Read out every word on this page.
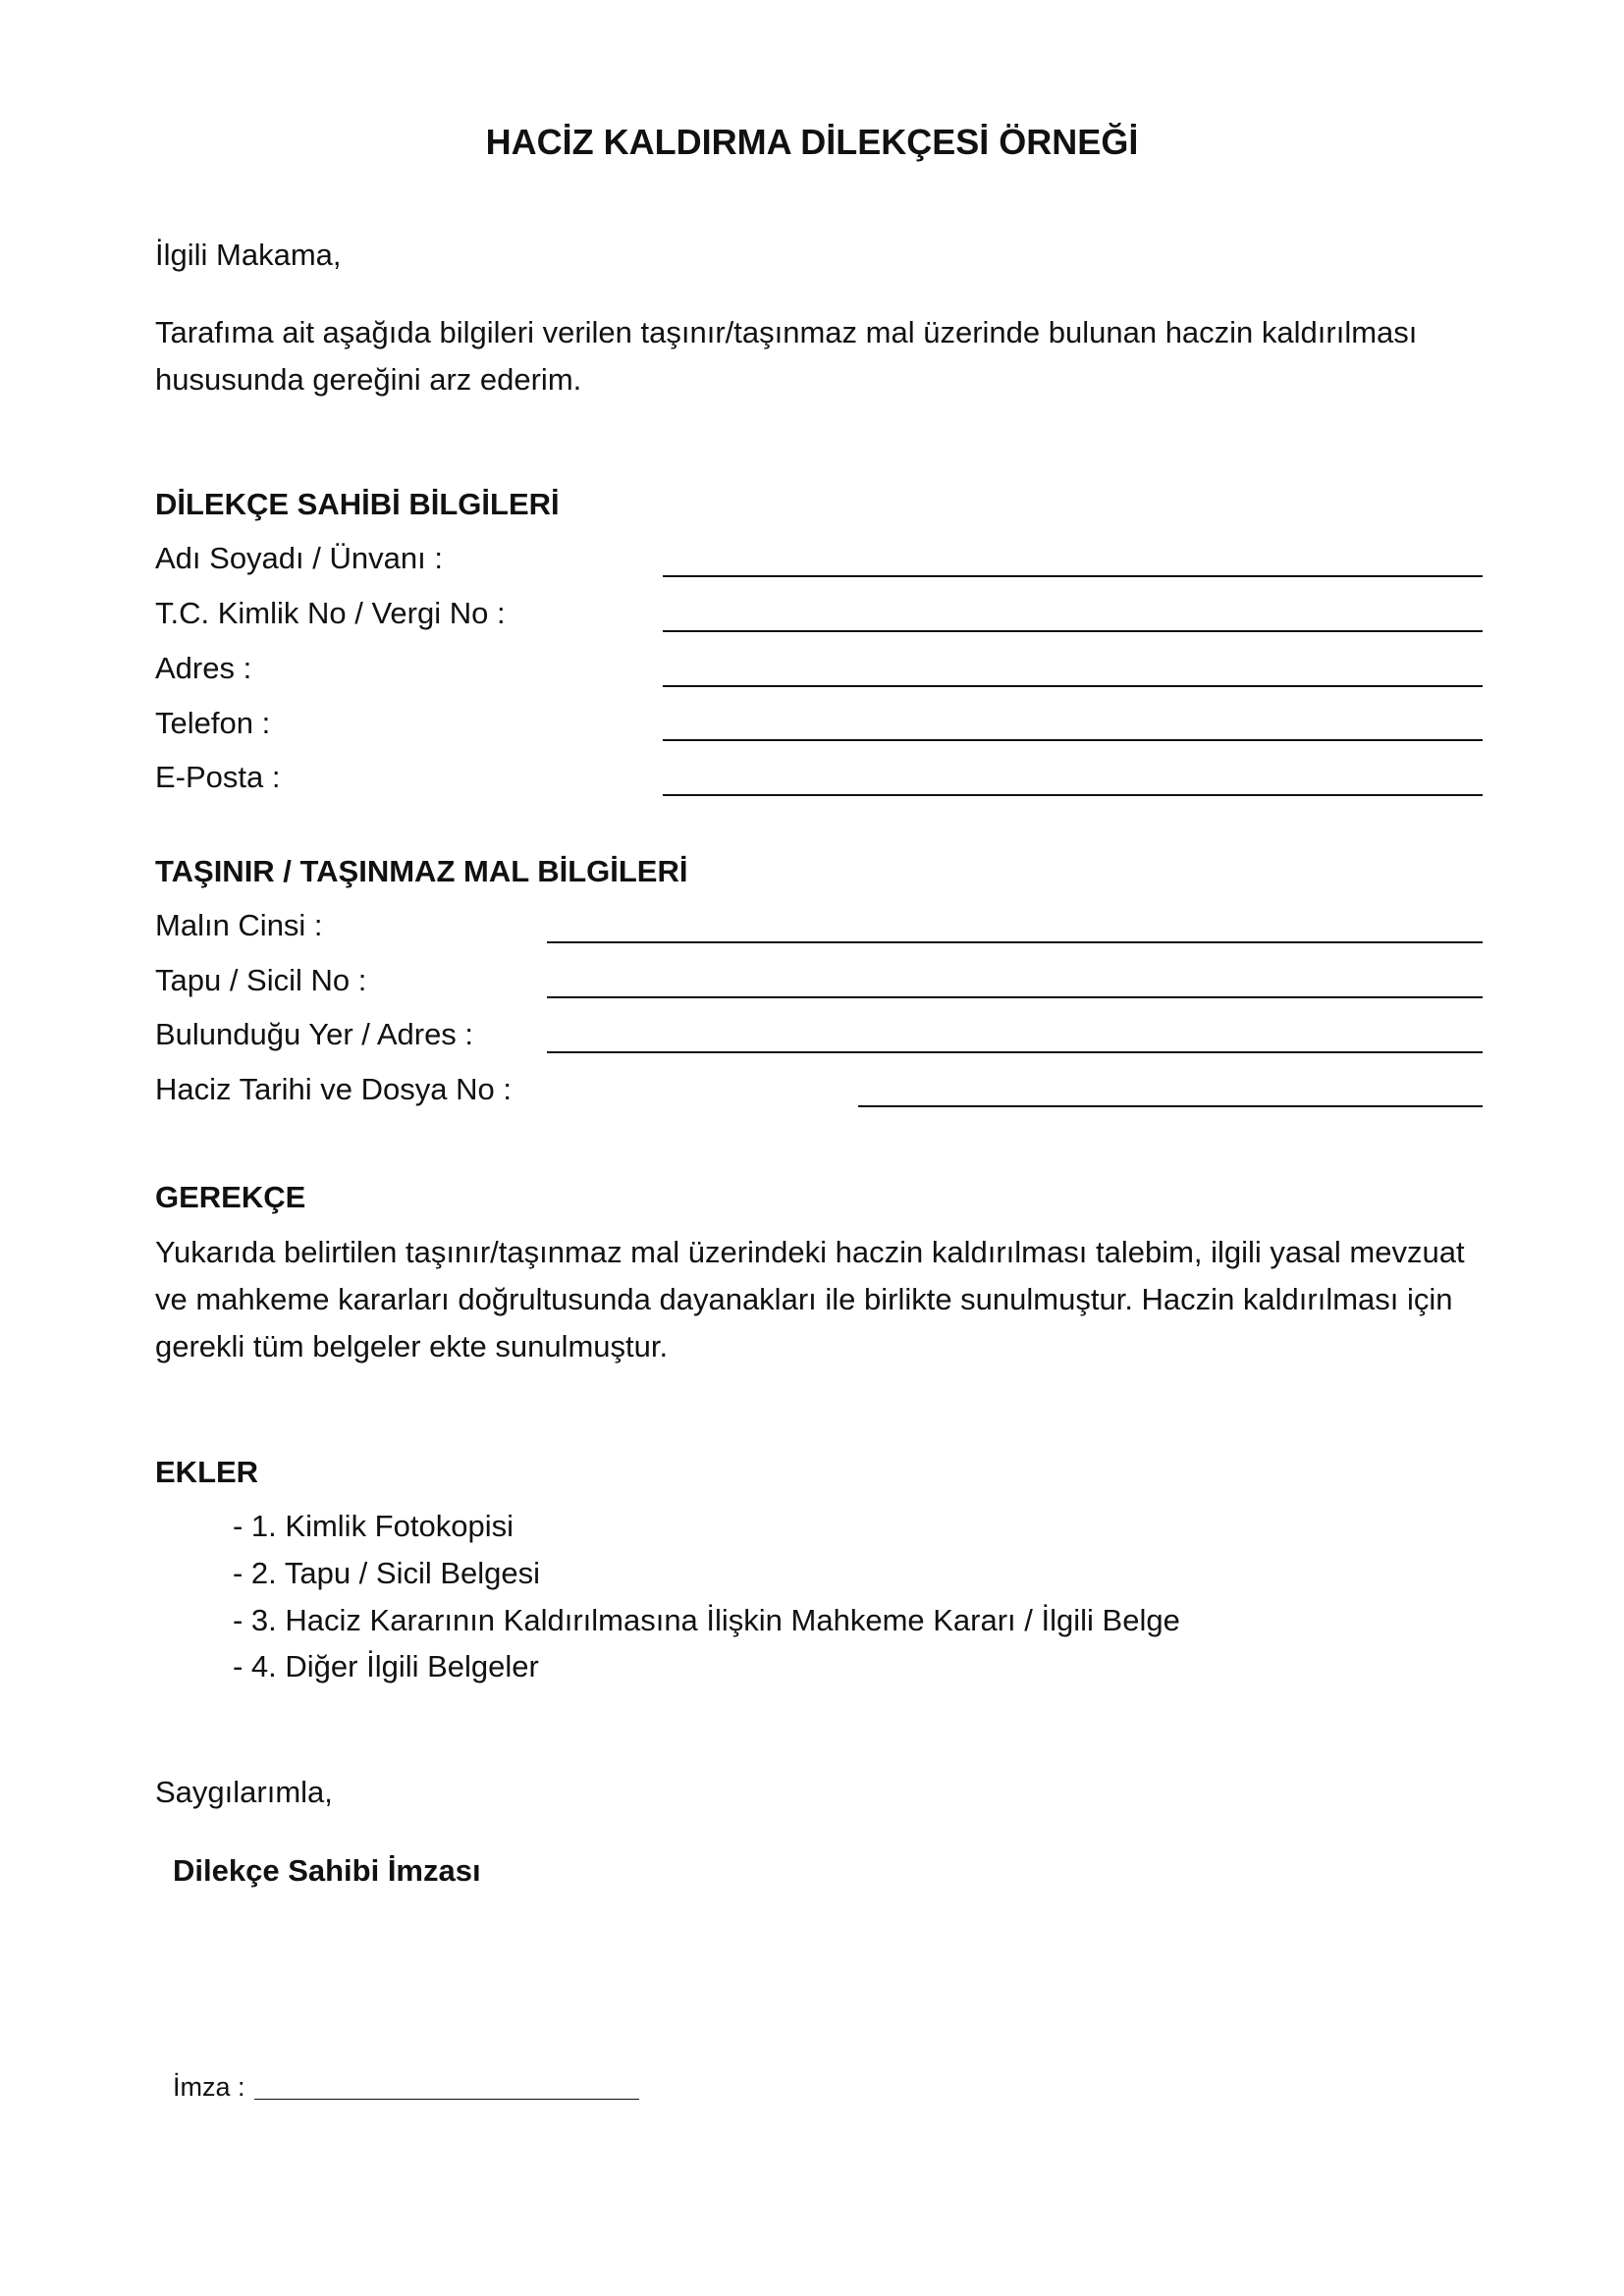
HACİZ KALDIRMA DİLEKÇESİ ÖRNEĞİ
İlgili Makama,
Tarafıma ait aşağıda bilgileri verilen taşınır/taşınmaz mal üzerinde bulunan haczin kaldırılması
hususunda gereğini arz ederim.
DİLEKÇE SAHİBİ BİLGİLERİ
Adı Soyadı / Ünvanı :
T.C. Kimlik No / Vergi No :
Adres :
Telefon :
E-Posta :
TAŞINIR / TAŞINMAZ MAL BİLGİLERİ
Malın Cinsi :
Tapu / Sicil No :
Bulunduğu Yer / Adres :
Haciz Tarihi ve Dosya No :
GEREKÇE
Yukarıda belirtilen taşınır/taşınmaz mal üzerindeki haczin kaldırılması talebim, ilgili yasal mevzuat
ve mahkeme kararları doğrultusunda dayanakları ile birlikte sunulmuştur. Haczin kaldırılması için
gerekli tüm belgeler ekte sunulmuştur.
EKLER
- 1. Kimlik Fotokopisi
- 2. Tapu / Sicil Belgesi
- 3. Haciz Kararının Kaldırılmasına İlişkin Mahkeme Kararı / İlgili Belge
- 4. Diğer İlgili Belgeler
Saygılarımla,
Dilekçe Sahibi İmzası
İmza :
